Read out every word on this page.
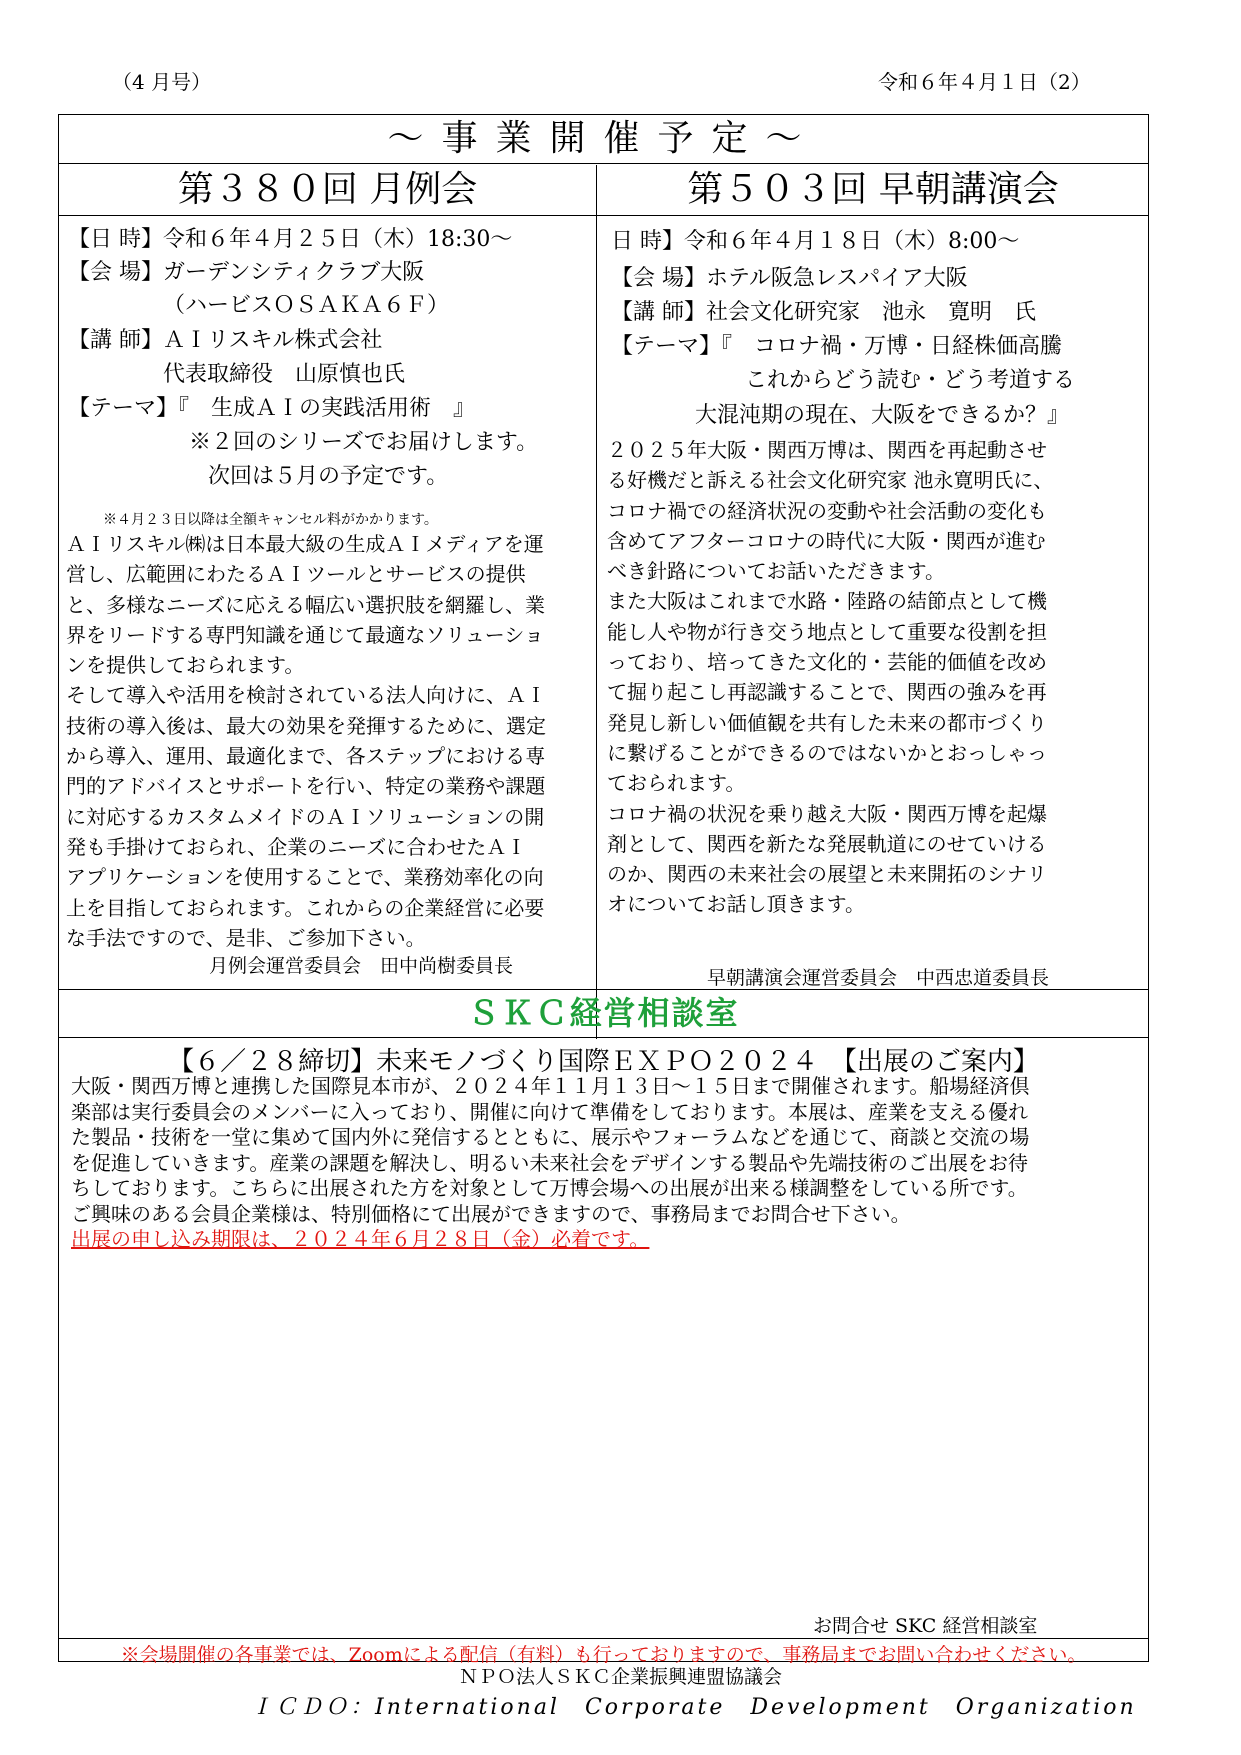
（4 月号）	令和６年４月１日（2）
～事業開催予定～
第３８０回 月例会
【日 時】令和６年４月２５日（木）18:30～
【会 場】ガーデンシティクラブ大阪
（ハービスＯＳＡＫＡ６Ｆ）
【講 師】ＡＩリスキル株式会社
代表取締役　山原慎也氏
【テーマ】『　生成ＡＩの実践活用術　』
※２回のシリーズでお届けします。
次回は５月の予定です。
※４月２３日以降は全額キャンセル料がかかります。
ＡＩリスキル㈱は日本最大級の生成ＡＩメディアを運
営し、広範囲にわたるＡＩツールとサービスの提供
と、多様なニーズに応える幅広い選択肢を網羅し、業
界をリードする専門知識を通じて最適なソリューショ
ンを提供しておられます。
そして導入や活用を検討されている法人向けに、ＡＩ
技術の導入後は、最大の効果を発揮するために、選定
から導入、運用、最適化まで、各ステップにおける専
門的アドバイスとサポートを行い、特定の業務や課題
に対応するカスタムメイドのＡＩソリューションの開
発も手掛けておられ、企業のニーズに合わせたＡＩ
アプリケーションを使用することで、業務効率化の向
上を目指しておられます。これからの企業経営に必要
な手法ですので、是非、ご参加下さい。
月例会運営委員会　田中尚樹委員長
第５０３回 早朝講演会
日 時】令和６年４月１８日（木）8:00～
【会 場】ホテル阪急レスパイア大阪
【講 師】社会文化研究家　池永　寛明　氏
【テーマ】『　コロナ禍・万博・日経株価高騰
これからどう読む・どう考道する
大混沌期の現在、大阪をできるか？』
２０２５年大阪・関西万博は、関西を再起動させ
る好機だと訴える社会文化研究家 池永寛明氏に、
コロナ禍での経済状況の変動や社会活動の変化も
含めてアフターコロナの時代に大阪・関西が進む
べき針路についてお話いただきます。
また大阪はこれまで水路・陸路の結節点として機
能し人や物が行き交う地点として重要な役割を担
っており、培ってきた文化的・芸能的価値を改め
て掘り起こし再認識することで、関西の強みを再
発見し新しい価値観を共有した未来の都市づくり
に繋げることができるのではないかとおっしゃっ
ておられます。
コロナ禍の状況を乗り越え大阪・関西万博を起爆
剤として、関西を新たな発展軌道にのせていける
のか、関西の未来社会の展望と未来開拓のシナリ
オについてお話し頂きます。
早朝講演会運営委員会　中西忠道委員長
ＳＫＣ経営相談室
【６／２８締切】未来モノづくり国際ＥＸＰＯ２０２４　【出展のご案内】
大阪・関西万博と連携した国際見本市が、２０２４年１１月１３日～１５日まで開催されます。船場経済倶
楽部は実行委員会のメンバーに入っており、開催に向けて準備をしております。本展は、産業を支える優れ
た製品・技術を一堂に集めて国内外に発信するとともに、展示やフォーラムなどを通じて、商談と交流の場
を促進していきます。産業の課題を解決し、明るい未来社会をデザインする製品や先端技術のご出展をお待
ちしております。こちらに出展された方を対象として万博会場への出展が出来る様調整をしている所です。
ご興味のある会員企業様は、特別価格にて出展ができますので、事務局までお問合せ下さい。
出展の申し込み期限は、２０２４年６月２８日（金）必着です。
お問合せ SKC 経営相談室
※会場開催の各事業では、Zoomによる配信（有料）も行っておりますので、事務局までお問い合わせください。
ＮＰＯ法人ＳＫＣ企業振興連盟協議会
ＩＣＤＯ：International　Corporate　Development　Organization
